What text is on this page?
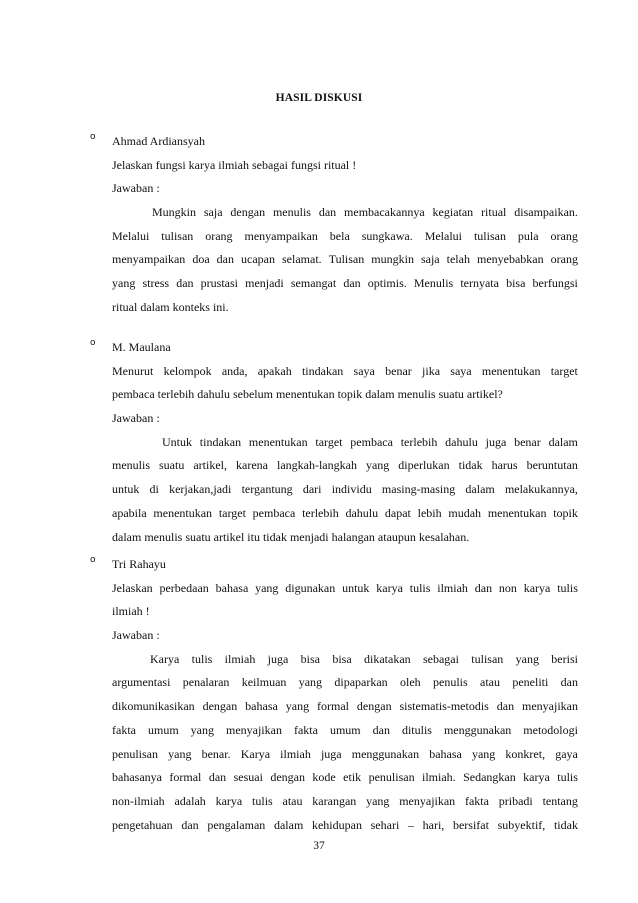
HASIL DISKUSI
o Ahmad Ardiansyah
Jelaskan fungsi karya ilmiah sebagai fungsi ritual !
Jawaban :
Mungkin saja dengan menulis dan membacakannya kegiatan ritual disampaikan.
Melalui tulisan orang menyampaikan bela sungkawa. Melalui tulisan pula orang
menyampaikan doa dan ucapan selamat. Tulisan mungkin saja telah menyebabkan orang
yang stress dan prustasi menjadi semangat dan optimis. Menulis ternyata bisa berfungsi
ritual dalam konteks ini.
o M. Maulana
Menurut kelompok anda, apakah tindakan saya benar jika saya menentukan target
pembaca terlebih dahulu sebelum menentukan topik dalam menulis suatu artikel?
Jawaban :
Untuk tindakan menentukan target pembaca terlebih dahulu juga benar dalam
menulis suatu artikel, karena langkah-langkah yang diperlukan tidak harus beruntutan
untuk di kerjakan,jadi tergantung dari individu masing-masing dalam melakukannya,
apabila menentukan target pembaca terlebih dahulu dapat lebih mudah menentukan topik
dalam menulis suatu artikel itu tidak menjadi halangan ataupun kesalahan.
o Tri Rahayu
Jelaskan perbedaan bahasa yang digunakan untuk karya tulis ilmiah dan non karya tulis
ilmiah !
Jawaban :
Karya tulis ilmiah juga bisa bisa dikatakan sebagai tulisan yang berisi
argumentasi penalaran keilmuan yang dipaparkan oleh penulis atau peneliti dan
dikomunikasikan dengan bahasa yang formal dengan sistematis-metodis dan menyajikan
fakta umum yang menyajikan fakta umum dan ditulis menggunakan metodologi
penulisan yang benar. Karya ilmiah juga menggunakan bahasa yang konkret, gaya
bahasanya formal dan sesuai dengan kode etik penulisan ilmiah. Sedangkan karya tulis
non-ilmiah adalah karya tulis atau karangan yang menyajikan fakta pribadi tentang
pengetahuan dan pengalaman dalam kehidupan sehari – hari, bersifat subyektif, tidak
37
